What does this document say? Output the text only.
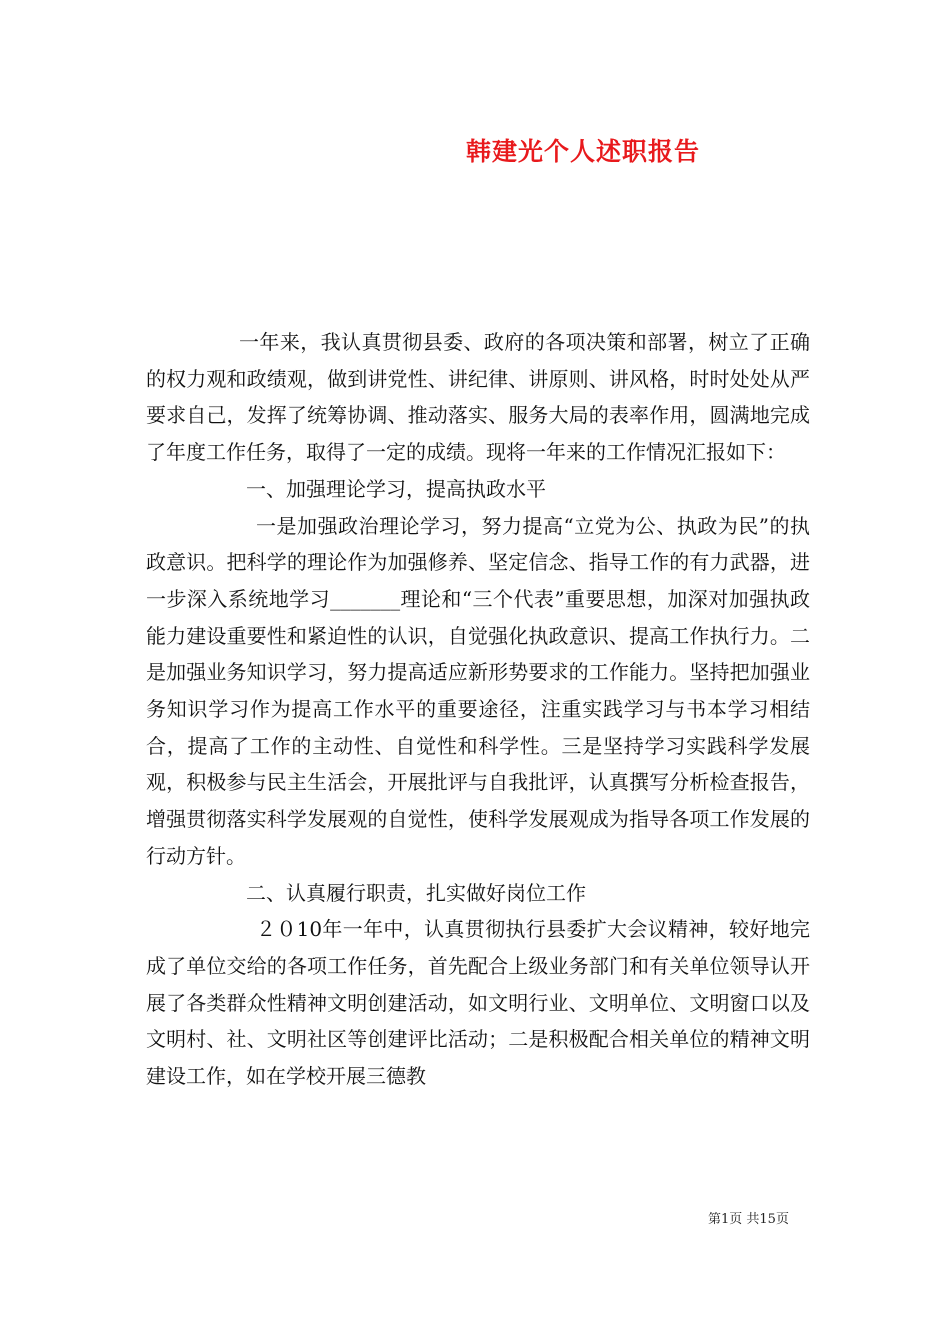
韩建光个人述职报告

一年来，我认真贯彻县委、政府的各项决策和部署，树立了正确的权力观和政绩观，做到讲党性、讲纪律、讲原则、讲风格，时时处处从严要求自己，发挥了统筹协调、推动落实、服务大局的表率作用，圆满地完成了年度工作任务，取得了一定的成绩。现将一年来的工作情况汇报如下：

一、加强理论学习，提高执政水平

一是加强政治理论学习，努力提高“立党为公、执政为民”的执政意识。把科学的理论作为加强修养、坚定信念、指导工作的有力武器，进一步深入系统地学习_______理论和“三个代表”重要思想，加深对加强执政能力建设重要性和紧迫性的认识，自觉强化执政意识、提高工作执行力。二是加强业务知识学习，努力提高适应新形势要求的工作能力。坚持把加强业务知识学习作为提高工作水平的重要途径，注重实践学习与书本学习相结合，提高了工作的主动性、自觉性和科学性。三是坚持学习实践科学发展观，积极参与民主生活会，开展批评与自我批评，认真撰写分析检查报告，增强贯彻落实科学发展观的自觉性，使科学发展观成为指导各项工作发展的行动方针。

二、认真履行职责，扎实做好岗位工作

２０10年一年中，认真贯彻执行县委扩大会议精神，较好地完成了单位交给的各项工作任务，首先配合上级业务部门和有关单位领导认开展了各类群众性精神文明创建活动，如文明行业、文明单位、文明窗口以及文明村、社、文明社区等创建评比活动；二是积极配合相关单位的精神文明建设工作，如在学校开展三德教

第1页 共15页
